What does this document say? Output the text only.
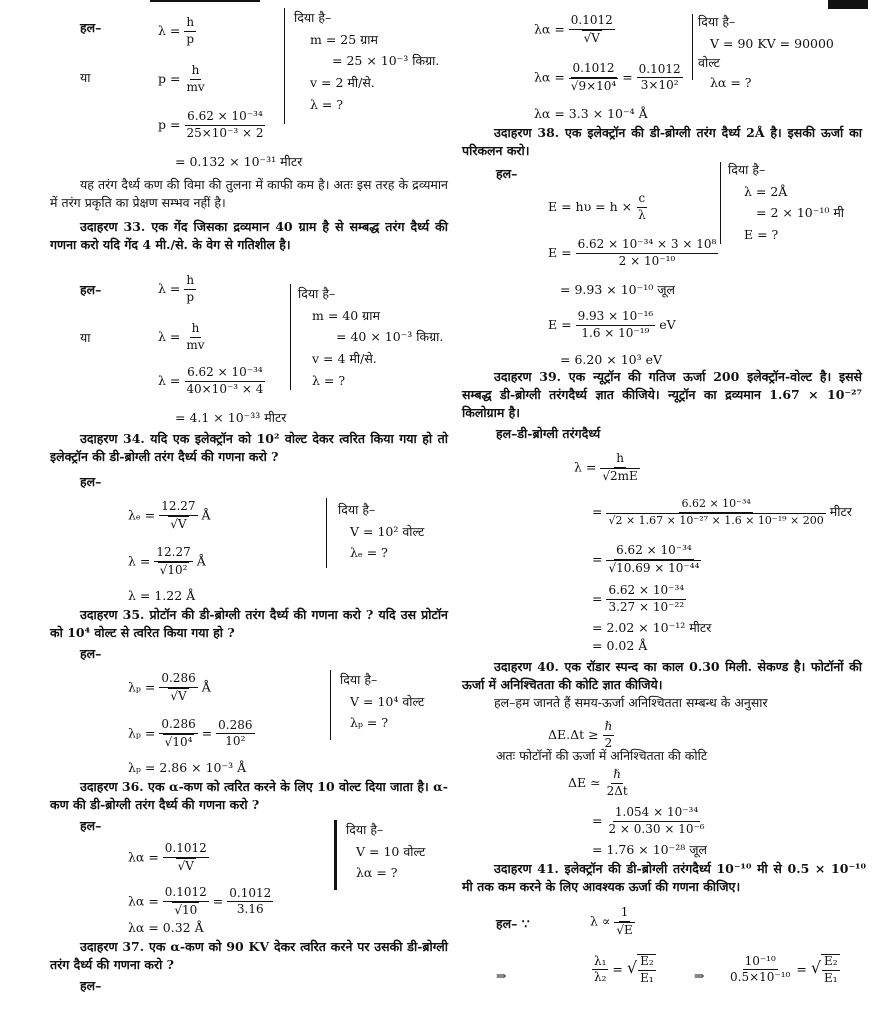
हल–	$\lambda = \frac{h}{p}$
या	$p = \frac{h}{mv}$
$p = \frac{\text{6.62 × 10⁻³⁴}}{\text{25×10⁻³ × 2}}$
= 0.132 × 10⁻³¹ मीटर
दिया है–
m = 25 ग्राम
= 25 × 10⁻³ किग्रा.
v = 2 मी/से.
λ = ?
यह तरंग दैर्ध्य कण की विमा की तुलना में काफी कम है। अतः इस तरह के द्रव्यमान में तरंग प्रकृति का प्रेक्षण सम्भव नहीं है।
उदाहरण 33. एक गेंद जिसका द्रव्यमान 40 ग्राम है से सम्बद्ध तरंग दैर्ध्य की गणना करो यदि गेंद 4 मी./से. के वेग से गतिशील है।
हल–	$\lambda = \frac{h}{p}$
या	$\lambda = \frac{h}{mv}$
$\lambda = \frac{\text{6.62 × 10⁻³⁴}}{\text{40×10⁻³ × 4}}$
= 4.1 × 10⁻³³ मीटर
दिया है–
m = 40 ग्राम
= 40 × 10⁻³ किग्रा.
v = 4 मी/से.
λ = ?
उदाहरण 34. यदि एक इलेक्ट्रॉन को 10² वोल्ट देकर त्वरित किया गया हो तो इलेक्ट्रॉन की डी-ब्रोग्ली तरंग दैर्ध्य की गणना करो ?
हल–
$\lambda_e = \frac{12.27}{√V}$ Å
$\lambda = \frac{12.27}{\text{√10²}}$ Å
λ = 1.22 Å
दिया है–
V = 10² वोल्ट
λₑ = ?
उदाहरण 35. प्रोटॉन की डी-ब्रोग्ली तरंग दैर्ध्य की गणना करो ? यदि उस प्रोटॉन को 10⁴ वोल्ट से त्वरित किया गया हो ?
हल–
$\lambda_p = \frac{0.286}{√V}$ Å
$\lambda_p = \frac{0.286}{\text{√10⁴}} = \frac{0.286}{\text{10²}}$
λₚ = 2.86 × 10⁻³ Å
दिया है–
V = 10⁴ वोल्ट
λₚ = ?
उदाहरण 36. एक α-कण को त्वरित करने के लिए 10 वोल्ट दिया जाता है। α-कण की डी-ब्रोग्ली तरंग दैर्ध्य की गणना करो ?
हल–
$\lambda\alpha = \frac{0.1012}{√V}$
$\lambda\alpha = \frac{0.1012}{√10} = \frac{0.1012}{3.16}$
λα = 0.32 Å
दिया है–
V = 10 वोल्ट
λα = ?
उदाहरण 37. एक α-कण को 90 KV देकर त्वरित करने पर उसकी डी-ब्रोग्ली तरंग दैर्ध्य की गणना करो ?
हल–
$\lambda\alpha = \frac{0.1012}{√V}$
$\lambda\alpha = \frac{0.1012}{\text{√9×10⁴}} = \frac{0.1012}{\text{3×10²}}$
λα = 3.3 × 10⁻⁴ Å
दिया है–
V = 90 KV = 90000
वोल्ट
λα = ?
उदाहरण 38. एक इलेक्ट्रॉन की डी-ब्रोग्ली तरंग दैर्ध्य 2Å है। इसकी ऊर्जा का परिकलन करो।
हल–
$E = h\upsilon = h \times \frac{c}{\lambda}$
$E = \frac{\text{6.62 × 10⁻³⁴ × 3 × 10⁸}}{\text{2 × 10⁻¹⁰}}$
= 9.93 × 10⁻¹⁰ जूल
$E = \frac{\text{9.93 × 10⁻¹⁶}}{\text{1.6 × 10⁻¹⁹}}$ eV
= 6.20 × 10³ eV
दिया है–
λ = 2Å
= 2 × 10⁻¹⁰ मी
E = ?
उदाहरण 39. एक न्यूट्रॉन की गतिज ऊर्जा 200 इलेक्ट्रॉन-वोल्ट है। इससे सम्बद्ध डी-ब्रोग्ली तरंगदैर्ध्य ज्ञात कीजिये। न्यूट्रॉन का द्रव्यमान 1.67 × 10⁻²⁷ किलोग्राम है।
हल–डी-ब्रोग्ली तरंगदैर्ध्य
$\lambda = \frac{h}{√2mE}$
= $\frac{\text{6.62 × 10⁻³⁴}}{\text{√2 × 1.67 × 10⁻²⁷ × 1.6 × 10⁻¹⁹ × 200}}$ मीटर
= $\frac{\text{6.62 × 10⁻³⁴}}{\text{√10.69 × 10⁻⁴⁴}}$
= $\frac{\text{6.62 × 10⁻³⁴}}{\text{3.27 × 10⁻²²}}$
= 2.02 × 10⁻¹² मीटर
= 0.02 Å
उदाहरण 40. एक रॉडार स्पन्द का काल 0.30 मिली. सेकण्ड है। फोटॉनों की ऊर्जा में अनिश्चितता की कोटि ज्ञात कीजिये।
हल–हम जानते हैं समय-ऊर्जा अनिश्चितता सम्बन्ध के अनुसार
$\Delta E.\Delta t \ge \frac{\text{ℏ}}{2}$
अतः फोटॉनों की ऊर्जा में अनिश्चितता की कोटि
ΔE ≃ $\frac{\text{ℏ}}{2\Delta t}$
= $\frac{\text{1.054 × 10⁻³⁴}}{\text{2 × 0.30 × 10⁻⁶}}$
= 1.76 × 10⁻²⁸ जूल
उदाहरण 41. इलेक्ट्रॉन की डी-ब्रोग्ली तरंगदैर्ध्य 10⁻¹⁰ मी से 0.5 × 10⁻¹⁰ मी तक कम करने के लिए आवश्यक ऊर्जा की गणना कीजिए।
हल– ∵	$\lambda \propto \frac{1}{√E}$
⇒	$\frac{\text{λ₁}}{\text{λ₂}}$ = √ $\frac{\text{E₂}}{\text{E₁}}$	⇒ $\frac{\text{10⁻¹⁰}}{\text{0.5×10⁻¹⁰}}$ = √ $\frac{\text{E₂}}{\text{E₁}}$
